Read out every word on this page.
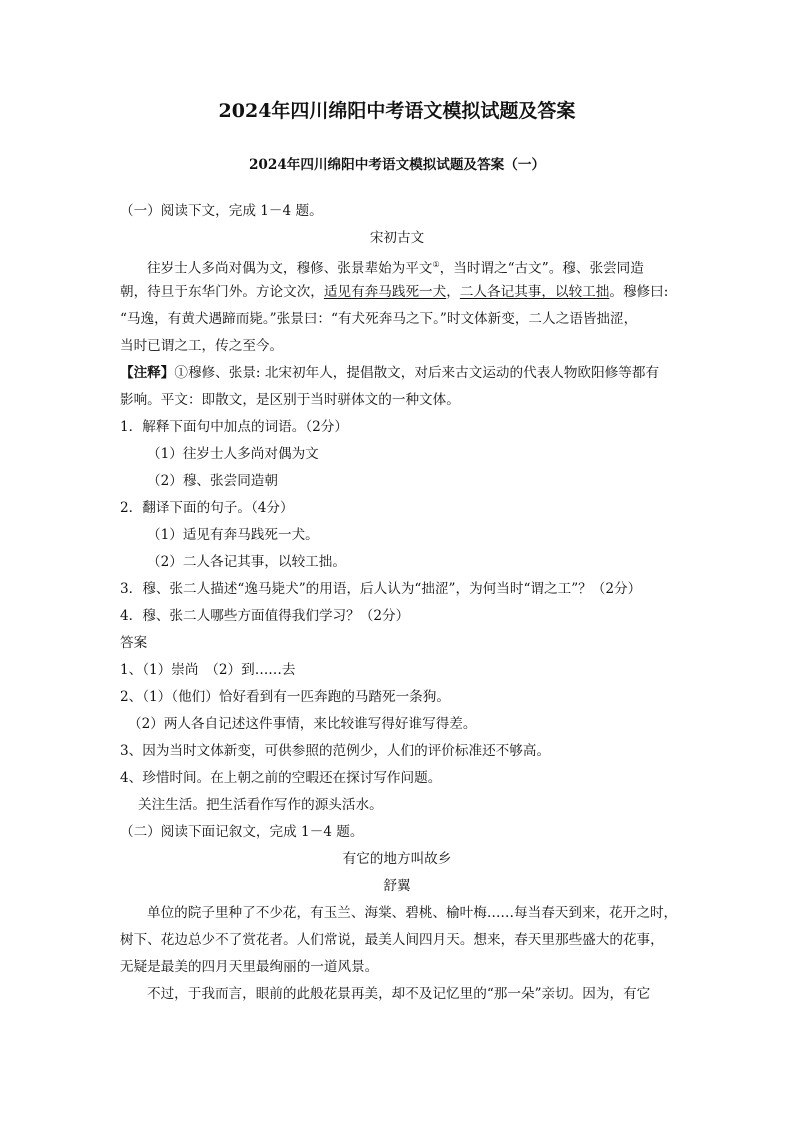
2024年四川绵阳中考语文模拟试题及答案
2024年四川绵阳中考语文模拟试题及答案（一）
（一）阅读下文，完成 1－4 题。
宋初古文
往岁士人多尚对偶为文，穆修、张景辈始为平文①，当时谓之“古文”。穆、张尝同造
朝，待旦于东华门外。方论文次，适见有奔马践死一犬，二人各记其事，以较工拙。穆修曰:
“马逸，有黄犬遇蹄而毙。”张景曰：“有犬死奔马之下。”时文体新变，二人之语皆拙涩，
当时已谓之工，传之至今。
【注释】①穆修、张景: 北宋初年人，提倡散文，对后来古文运动的代表人物欧阳修等都有
影响。平文：即散文，是区别于当时骈体文的一种文体。
1．解释下面句中加点的词语。（2分）
（1）往岁士人多尚对偶为文
（2）穆、张尝同造朝
2．翻译下面的句子。（4分）
（1）适见有奔马践死一犬。
（2）二人各记其事，以较工拙。
3．穆、张二人描述“逸马毙犬”的用语，后人认为“拙涩”，为何当时“谓之工”？（2分）
4．穆、张二人哪些方面值得我们学习？（2分）
答案
1、（1）崇尚　（2）到……去
2、（1）（他们）恰好看到有一匹奔跑的马踏死一条狗。
（2）两人各自记述这件事情，来比较谁写得好谁写得差。
3、因为当时文体新变，可供参照的范例少，人们的评价标准还不够高。
4、珍惜时间。在上朝之前的空暇还在探讨写作问题。
关注生活。把生活看作写作的源头活水。
（二）阅读下面记叙文，完成 1－4 题。
有它的地方叫故乡
舒翼
单位的院子里种了不少花，有玉兰、海棠、碧桃、榆叶梅……每当春天到来，花开之时，
树下、花边总少不了赏花者。人们常说，最美人间四月天。想来，春天里那些盛大的花事，
无疑是最美的四月天里最绚丽的一道风景。
不过，于我而言，眼前的此般花景再美，却不及记忆里的“那一朵”亲切。因为，有它
